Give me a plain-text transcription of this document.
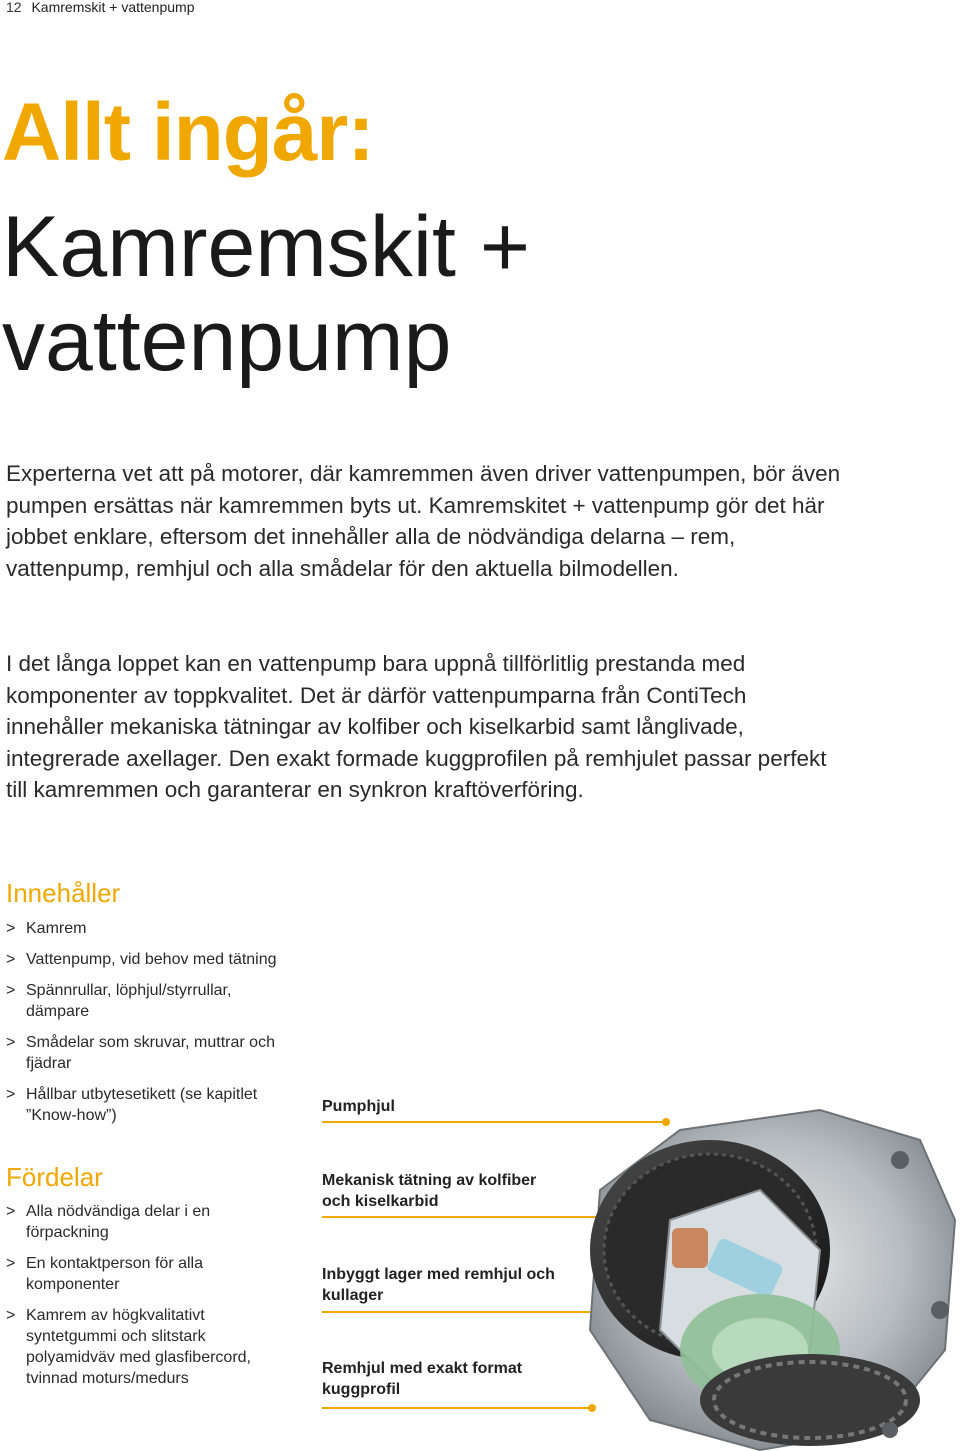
12 Kamremskit + vattenpump
Allt ingår:
Kamremskit +
vattenpump

Experterna vet att på motorer, där kamremmen även driver vattenpumpen, bör även pumpen ersättas när kamremmen byts ut. Kamremskitet + vattenpump gör det här jobbet enklare, eftersom det innehåller alla de nödvändiga delarna – rem, vattenpump, remhjul och alla smådelar för den aktuella bilmodellen.

I det långa loppet kan en vattenpump bara uppnå tillförlitlig prestanda med komponenter av toppkvalitet. Det är därför vattenpumparna från ContiTech innehåller mekaniska tätningar av kolfiber och kiselkarbid samt långlivade, integrerade axellager. Den exakt formade kuggprofilen på remhjulet passar perfekt till kamremmen och garanterar en synkron kraftöverföring.

Innehåller
> Kamrem
> Vattenpump, vid behov med tätning
> Spännrullar, löphjul/styrrullar, dämpare
> Smådelar som skruvar, muttrar och fjädrar
> Hållbar utbytesetikett (se kapitlet ”Know-how”)
Fördelar
> Alla nödvändiga delar i en förpackning
> En kontaktperson för alla komponenter
> Kamrem av högkvalitativt syntetgummi och slitstark polyamidväv med glasfibercord, tvinnad moturs/medurs
Pumphjul
Mekanisk tätning av kolfiber och kiselkarbid
Inbyggt lager med remhjul och kullager
Remhjul med exakt format kuggprofil
